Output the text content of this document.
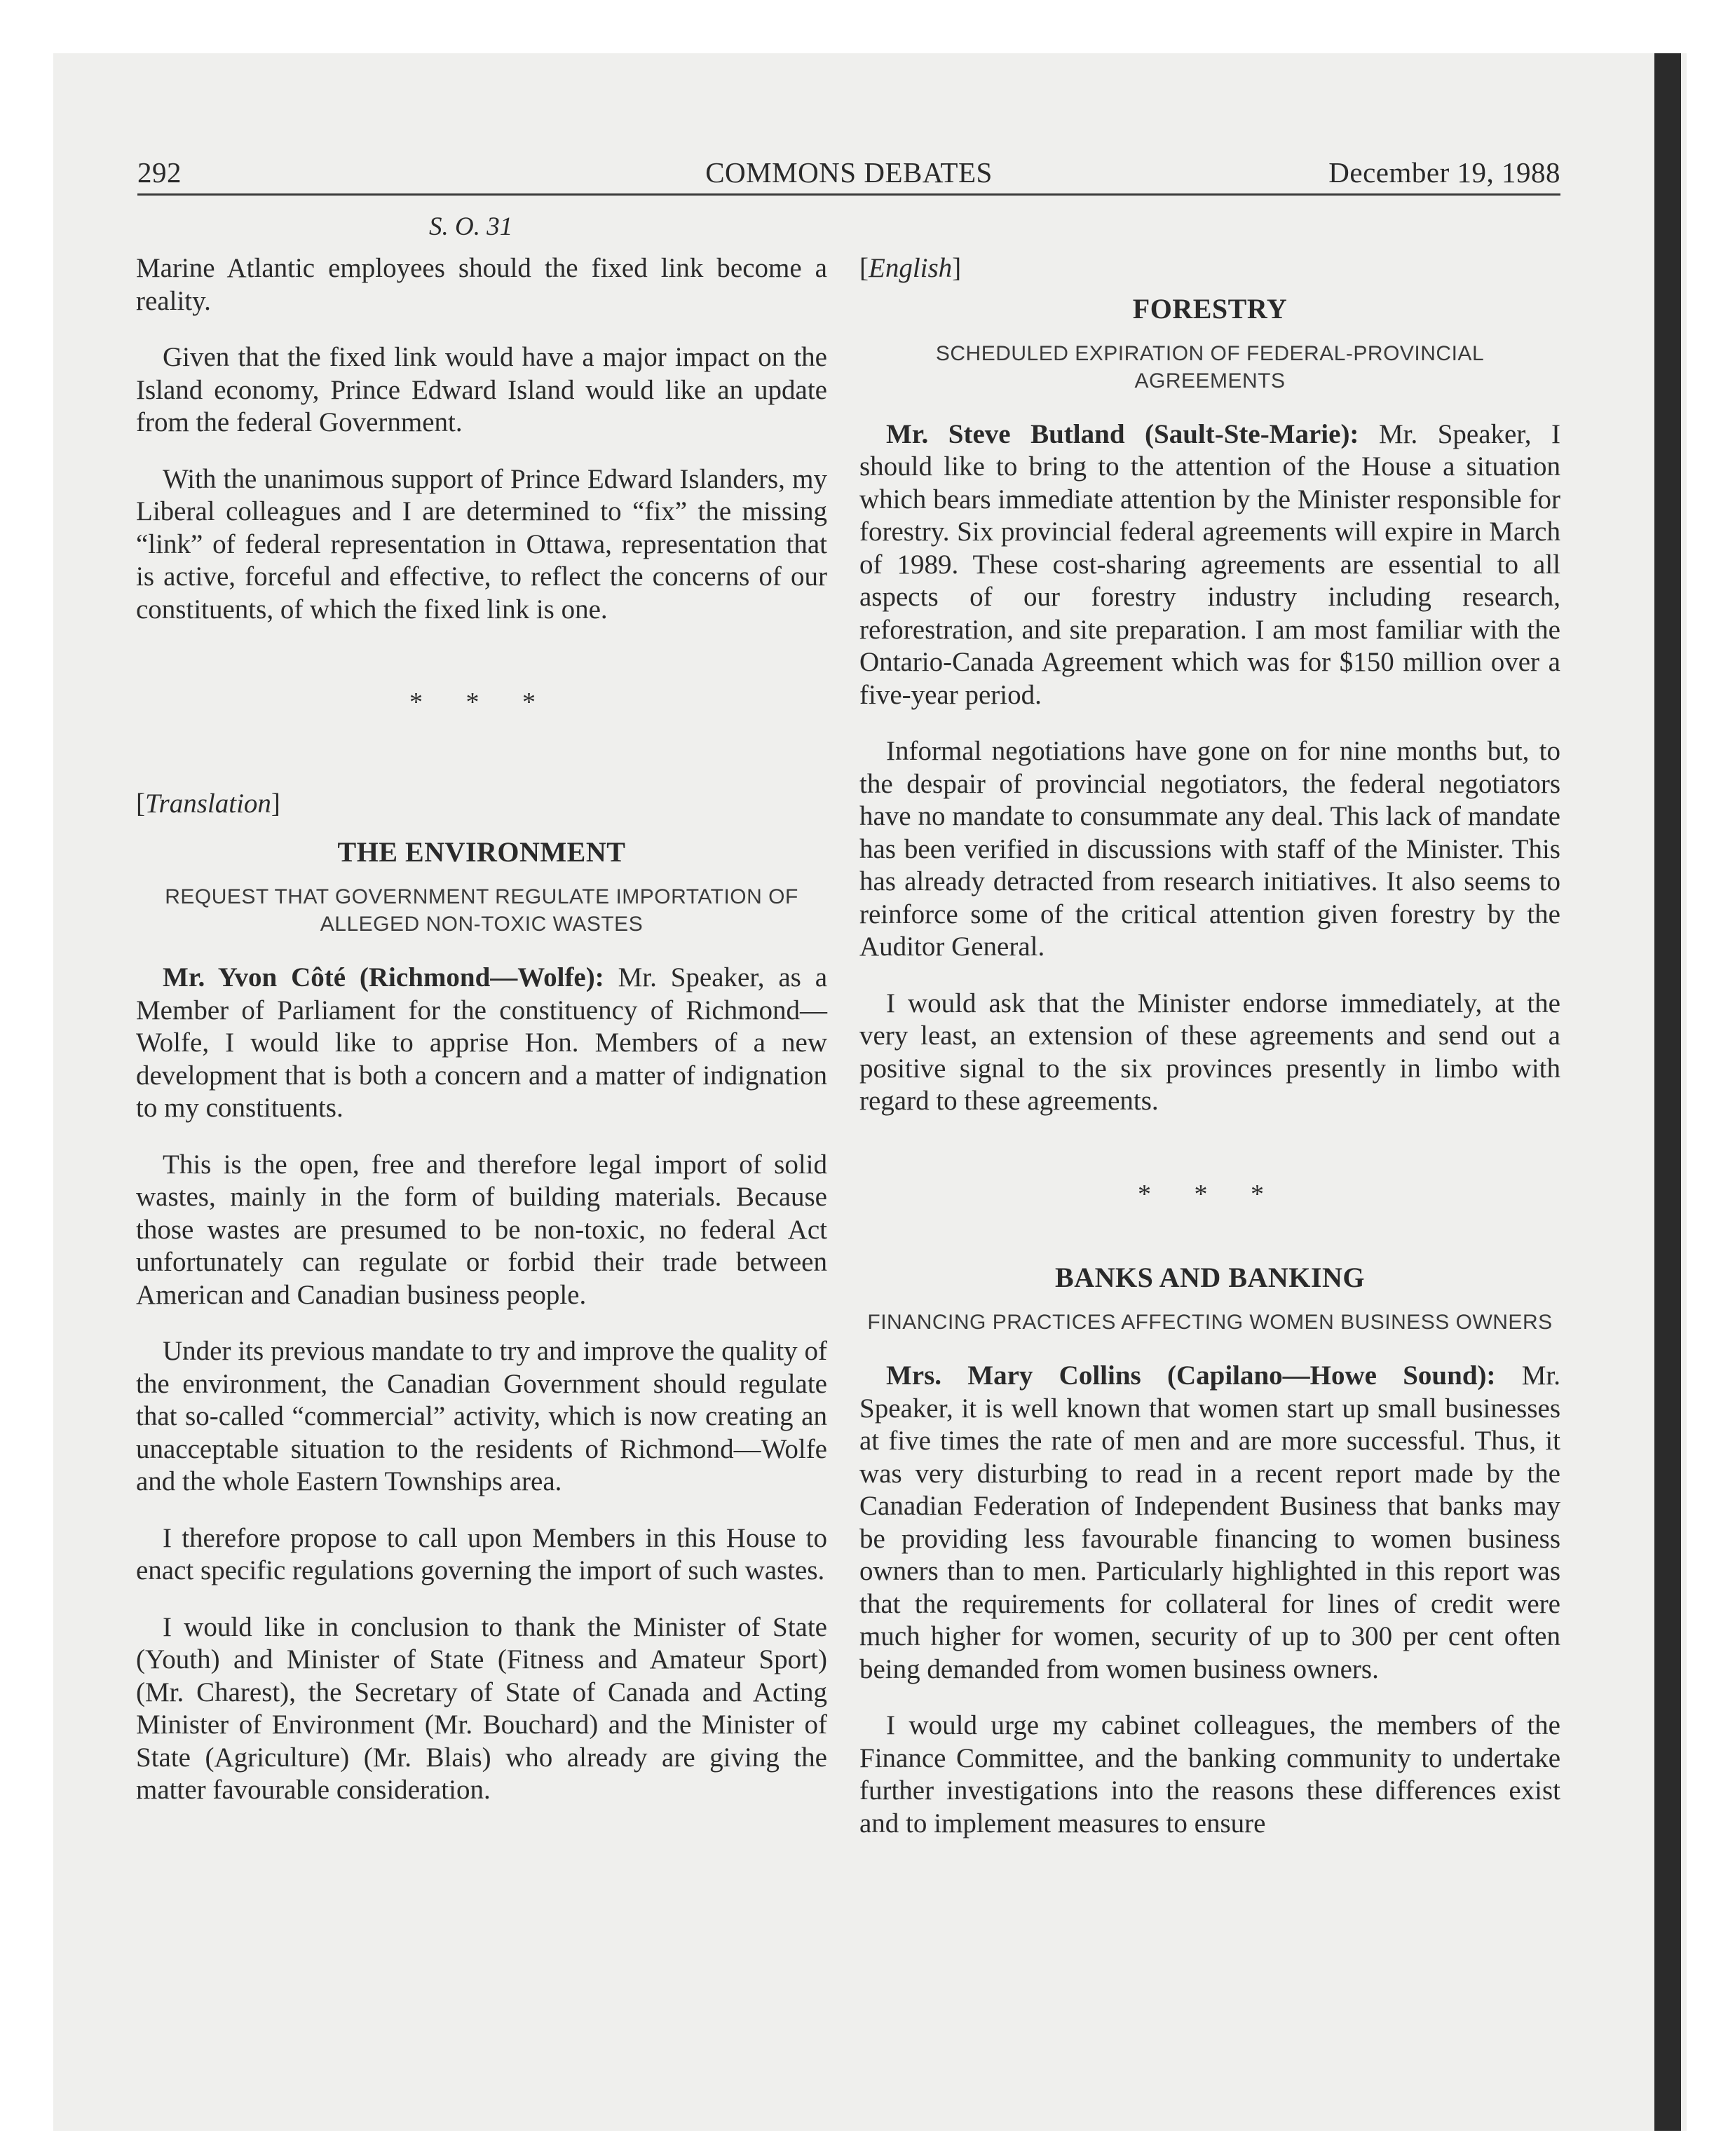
292	COMMONS DEBATES	December 19, 1988
S. O. 31

Marine Atlantic employees should the fixed link become a reality.

Given that the fixed link would have a major impact on the Island economy, Prince Edward Island would like an update from the federal Government.

With the unanimous support of Prince Edward Islanders, my Liberal colleagues and I are determined to “fix” the missing “link” of federal representation in Ottawa, representation that is active, forceful and effective, to reflect the concerns of our constituents, of which the fixed link is one.

* * *

[Translation]

THE ENVIRONMENT

REQUEST THAT GOVERNMENT REGULATE IMPORTATION OF ALLEGED NON-TOXIC WASTES

Mr. Yvon Côté (Richmond—Wolfe): Mr. Speaker, as a Member of Parliament for the constituency of Richmond—Wolfe, I would like to apprise Hon. Members of a new development that is both a concern and a matter of indignation to my constituents.

This is the open, free and therefore legal import of solid wastes, mainly in the form of building materials. Because those wastes are presumed to be non-toxic, no federal Act unfortunately can regulate or forbid their trade between American and Canadian business people.

Under its previous mandate to try and improve the quality of the environment, the Canadian Government should regulate that so-called “commercial” activity, which is now creating an unacceptable situation to the residents of Richmond—Wolfe and the whole Eastern Townships area.

I therefore propose to call upon Members in this House to enact specific regulations governing the import of such wastes.

I would like in conclusion to thank the Minister of State (Youth) and Minister of State (Fitness and Amateur Sport) (Mr. Charest), the Secretary of State of Canada and Acting Minister of Environment (Mr. Bouchard) and the Minister of State (Agriculture) (Mr. Blais) who already are giving the matter favourable consideration.

[English]

FORESTRY

SCHEDULED EXPIRATION OF FEDERAL-PROVINCIAL AGREEMENTS

Mr. Steve Butland (Sault-Ste-Marie): Mr. Speaker, I should like to bring to the attention of the House a situation which bears immediate attention by the Minister responsible for forestry. Six provincial federal agreements will expire in March of 1989. These cost-sharing agreements are essential to all aspects of our forestry industry including research, reforestration, and site preparation. I am most familiar with the Ontario-Canada Agreement which was for $150 million over a five-year period.

Informal negotiations have gone on for nine months but, to the despair of provincial negotiators, the federal negotiators have no mandate to consummate any deal. This lack of mandate has been verified in discussions with staff of the Minister. This has already detracted from research initiatives. It also seems to reinforce some of the critical attention given forestry by the Auditor General.

I would ask that the Minister endorse immediately, at the very least, an extension of these agreements and send out a positive signal to the six provinces presently in limbo with regard to these agreements.

* * *

BANKS AND BANKING

FINANCING PRACTICES AFFECTING WOMEN BUSINESS OWNERS

Mrs. Mary Collins (Capilano—Howe Sound): Mr. Speaker, it is well known that women start up small businesses at five times the rate of men and are more successful. Thus, it was very disturbing to read in a recent report made by the Canadian Federation of Independent Business that banks may be providing less favourable financing to women business owners than to men. Particularly highlighted in this report was that the requirements for collateral for lines of credit were much higher for women, security of up to 300 per cent often being demanded from women business owners.

I would urge my cabinet colleagues, the members of the Finance Committee, and the banking community to undertake further investigations into the reasons these differences exist and to implement measures to ensure
